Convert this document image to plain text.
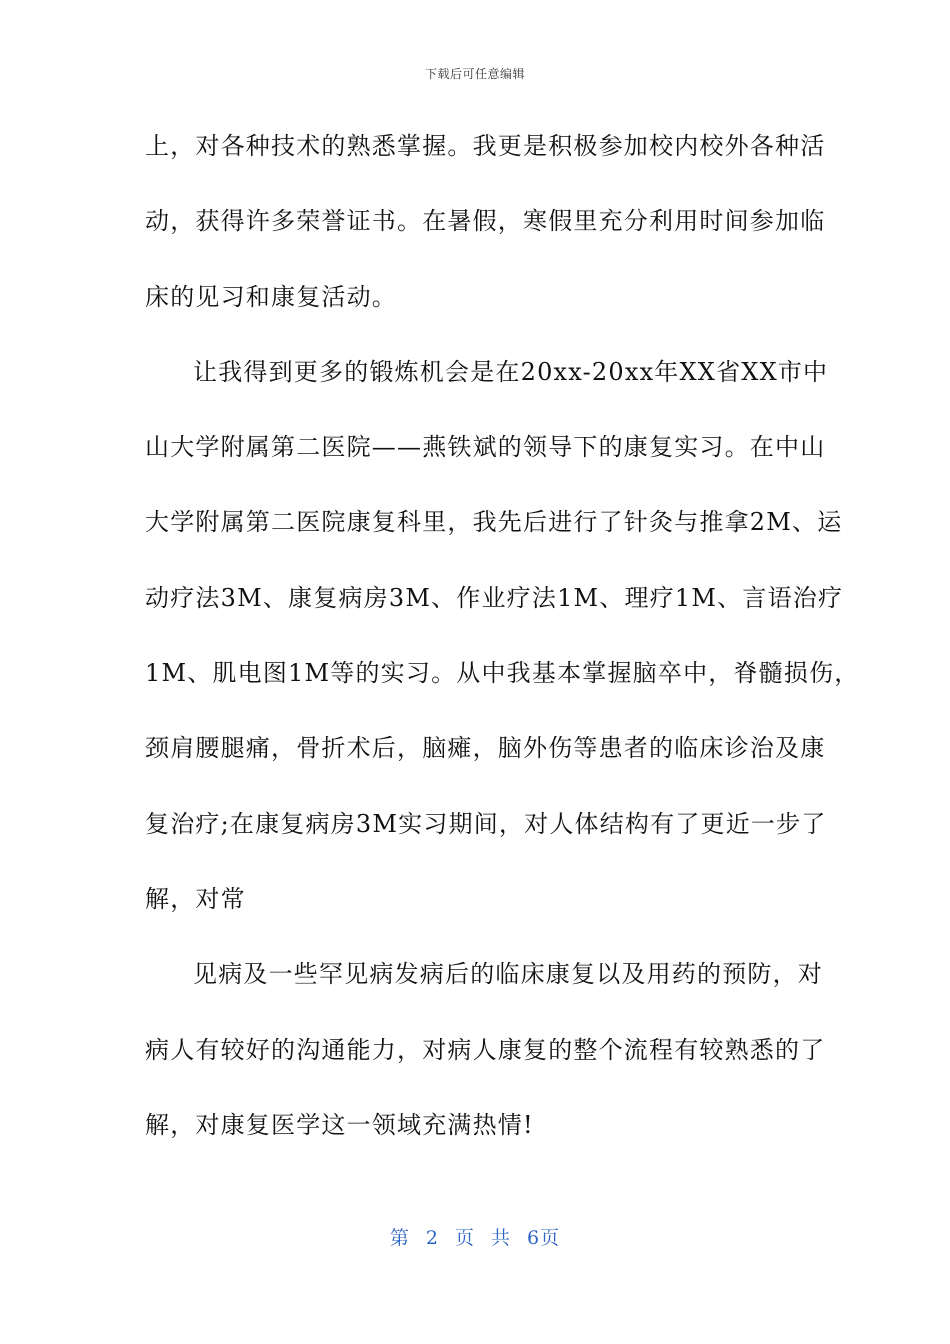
下载后可任意编辑
上，对各种技术的熟悉掌握。我更是积极参加校内校外各种活
动，获得许多荣誉证书。在暑假，寒假里充分利用时间参加临
床的见习和康复活动。
让我得到更多的锻炼机会是在20xx-20xx年XX省XX市中
山大学附属第二医院——燕铁斌的领导下的康复实习。在中山
大学附属第二医院康复科里，我先后进行了针灸与推拿2M、运
动疗法3M、康复病房3M、作业疗法1M、理疗1M、言语治疗
1M、肌电图1M等的实习。从中我基本掌握脑卒中，脊髓损伤，
颈肩腰腿痛，骨折术后，脑瘫，脑外伤等患者的临床诊治及康
复治疗;在康复病房3M实习期间，对人体结构有了更近一步了
解，对常
见病及一些罕见病发病后的临床康复以及用药的预防，对
病人有较好的沟通能力，对病人康复的整个流程有较熟悉的了
解，对康复医学这一领域充满热情!
第 2 页 共 6页
